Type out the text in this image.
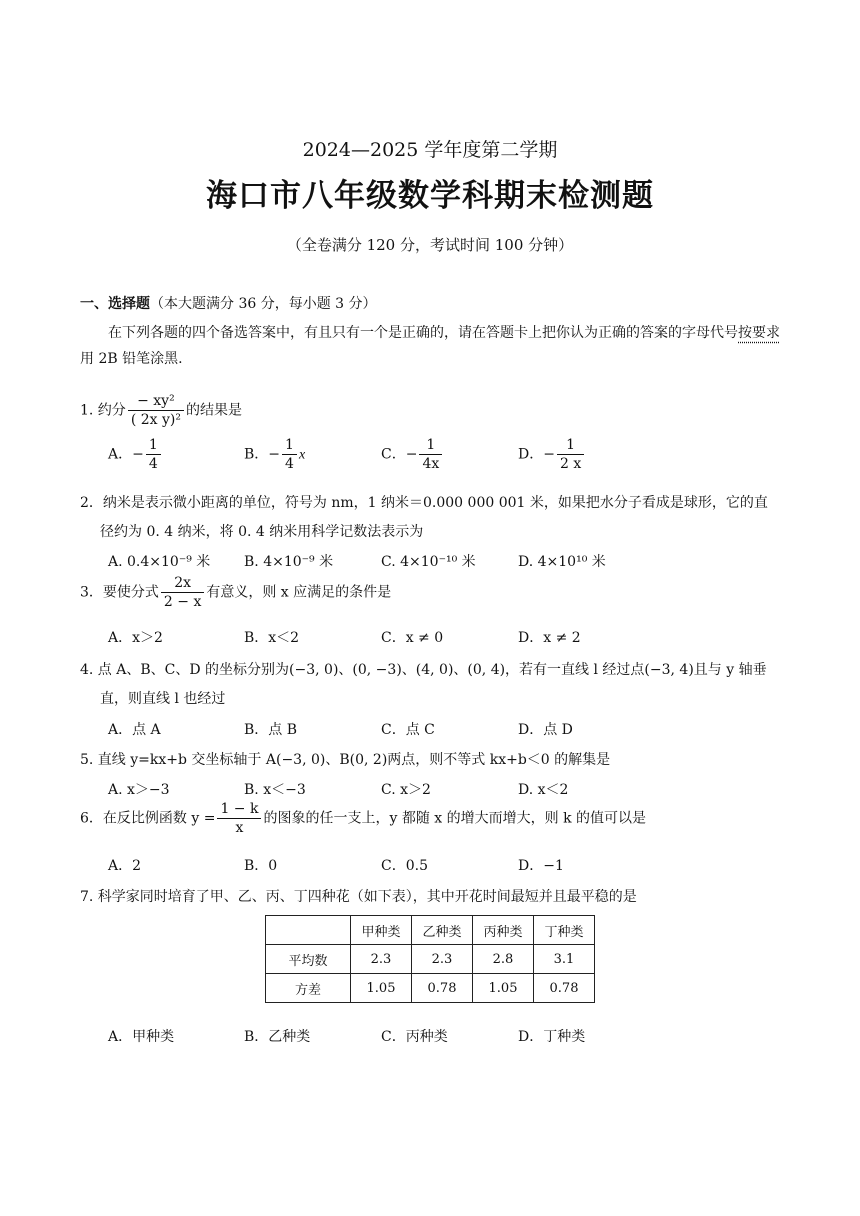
2024—2025 学年度第二学期
海口市八年级数学科期末检测题
（全卷满分 120 分，考试时间 100 分钟）
一、选择题（本大题满分 36 分，每小题 3 分）
在下列各题的四个备选答案中，有且只有一个是正确的，请在答题卡上把你认为正确的答案的字母代号按要求用 2B 铅笔涂黑.
1. 约分 $\frac{\text{− xy²}}{\text{( 2x y)²}}$ 的结果是
A．− $\frac{1}{4}$	B．− $\frac{1}{4}$ x	C．− $\frac{1}{4x}$	D．− $\frac{1}{2 x}$
2．纳米是表示微小距离的单位，符号为 nm，1 纳米＝0.000 000 001 米，如果把水分子看成是球形，它的直
径约为 0. 4 纳米，将 0. 4 纳米用科学记数法表示为
A. 0.4×10⁻⁹ 米 B. 4×10⁻⁹ 米	C. 4×10⁻¹⁰ 米	D. 4×10¹⁰ 米
3．要使分式 $\frac{2x}{2 - x}$ 有意义，则 x 应满足的条件是
A．x＞2	B．x＜2	C．x ≠ 0	D．x ≠ 2
4. 点 A、B、C、D 的坐标分别为(−3, 0)、(0, −3)、(4, 0)、(0, 4)，若有一直线 l 经过点(−3, 4)且与 y 轴垂
直，则直线 l 也经过
A．点 A	B．点 B	C．点 C	D．点 D
5. 直线 y=kx+b 交坐标轴于 A(−3, 0)、B(0, 2)两点，则不等式 kx+b＜0 的解集是
A. x＞−3	B. x＜−3	C. x＞2	D. x＜2
6．在反比例函数 $y = \frac{1 - k}{x}$ 的图象的任一支上，y 都随 x 的增大而增大，则 k 的值可以是
A．2	B．0	C．0.5	D．−1
7. 科学家同时培育了甲、乙、丙、丁四种花（如下表），其中开花时间最短并且最平稳的是
	甲种类	乙种类	丙种类	丁种类
平均数	2.3	2.3	2.8	3.1
方差	1.05	0.78	1.05	0.78
A．甲种类	B．乙种类	C．丙种类	D．丁种类
